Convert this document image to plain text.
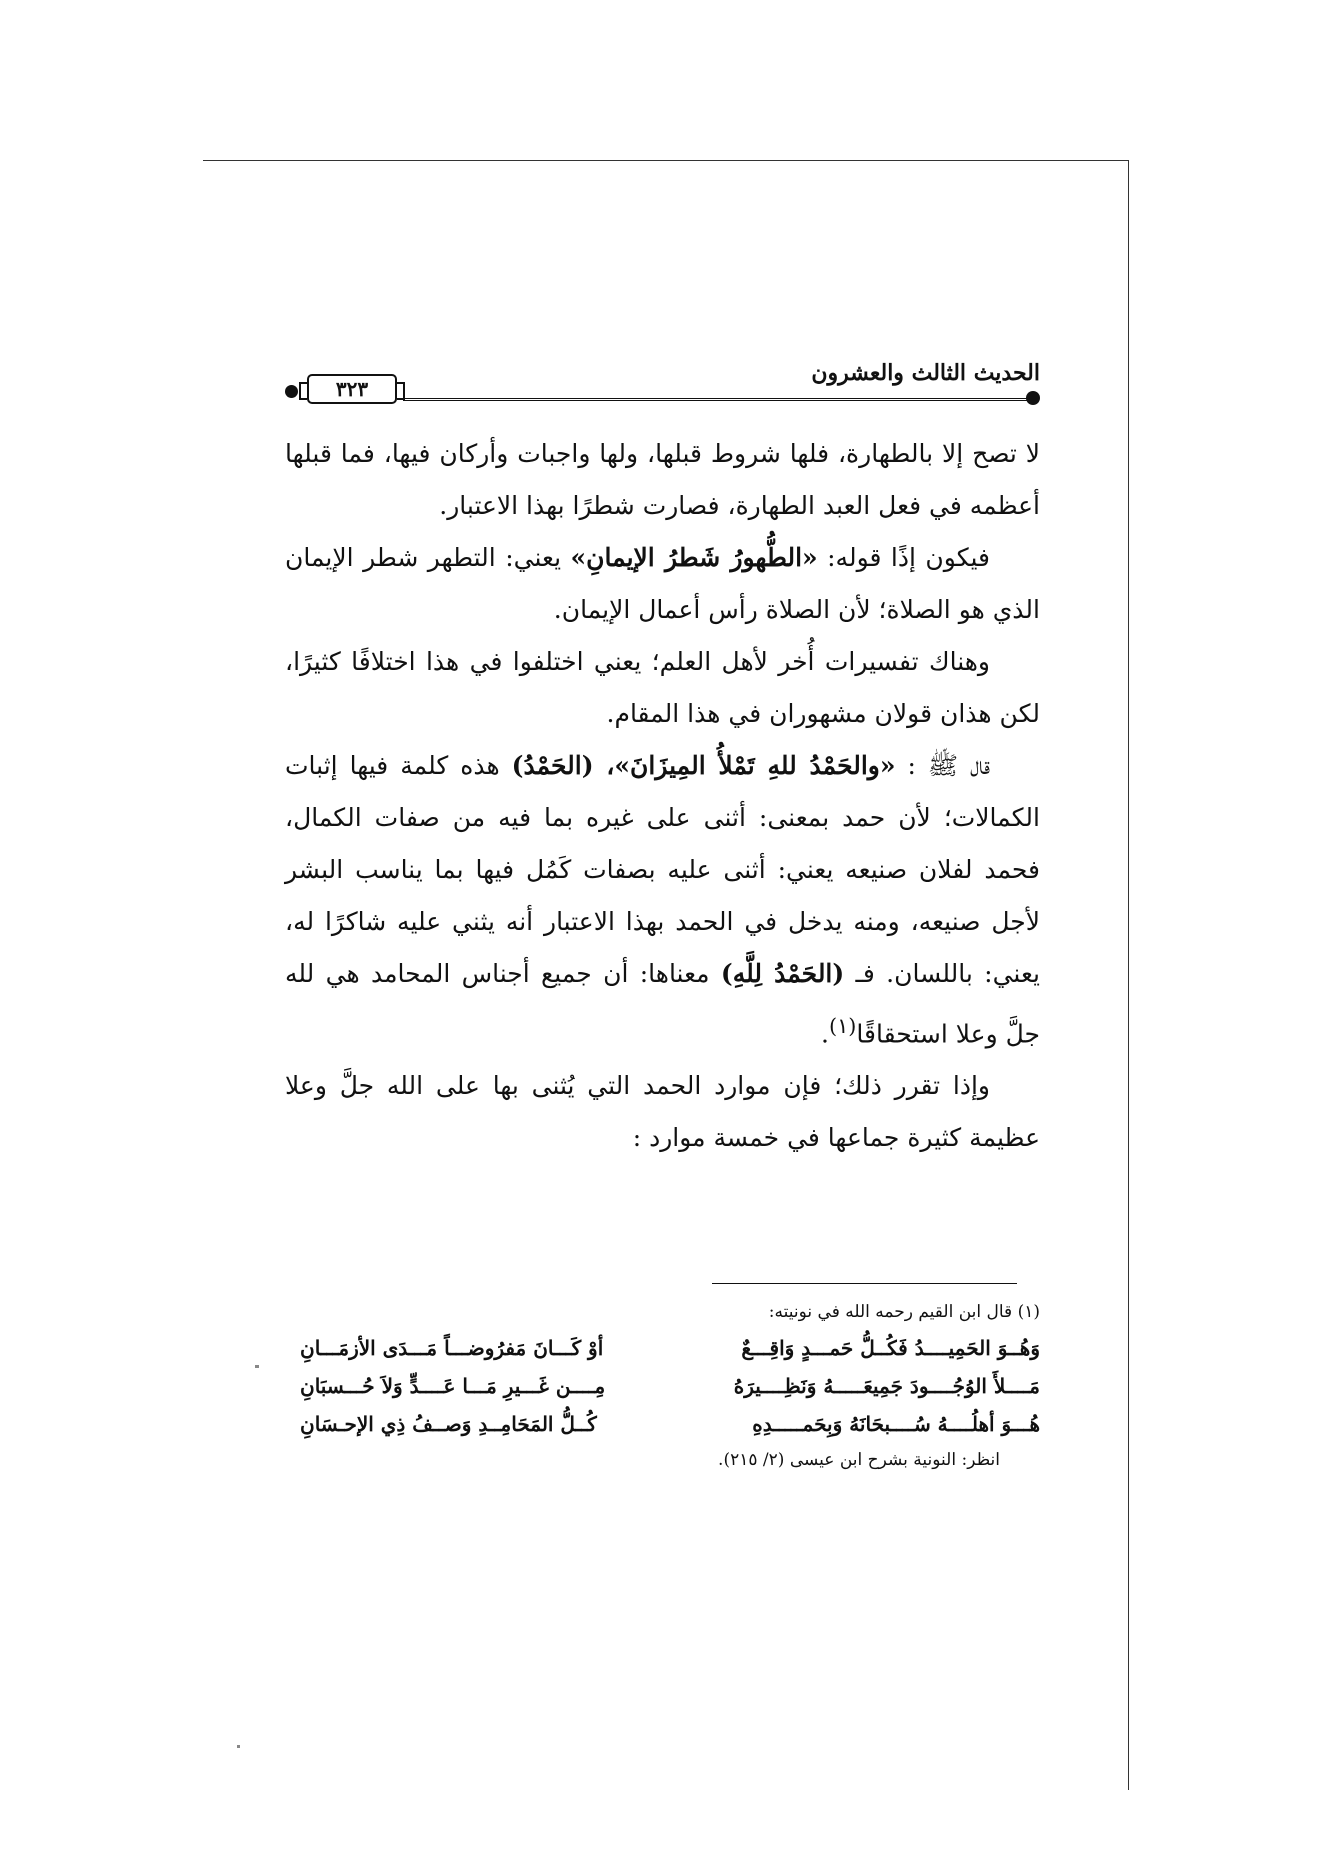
٣٢٣
الحديث الثالث والعشرون

لا تصح إلا بالطهارة، فلها شروط قبلها، ولها واجبات وأركان فيها، فما قبلها أعظمه في فعل العبد الطهارة، فصارت شطرًا بهذا الاعتبار.

فيكون إذًا قوله: «الطُّهورُ شَطرُ الإيمانِ» يعني: التطهر شطر الإيمان الذي هو الصلاة؛ لأن الصلاة رأس أعمال الإيمان.

وهناك تفسيرات أُخر لأهل العلم؛ يعني اختلفوا في هذا اختلافًا كثيرًا، لكن هذان قولان مشهوران في هذا المقام.

قال ﷺ : «والحَمْدُ للهِ تَمْلأُ المِيزَانَ»، (الحَمْدُ) هذه كلمة فيها إثبات الكمالات؛ لأن حمد بمعنى: أثنى على غيره بما فيه من صفات الكمال، فحمد لفلان صنيعه يعني: أثنى عليه بصفات كَمُل فيها بما يناسب البشر لأجل صنيعه، ومنه يدخل في الحمد بهذا الاعتبار أنه يثني عليه شاكرًا له، يعني: باللسان. فـ (الحَمْدُ لِلَّهِ) معناها: أن جميع أجناس المحامد هي لله جلَّ وعلا استحقاقًا$^{(١)}$.

وإذا تقرر ذلك؛ فإن موارد الحمد التي يُثنى بها على الله جلَّ وعلا عظيمة كثيرة جماعها في خمسة موارد :

(١) قال ابن القيم رحمه الله في نونيته:
وَهُــوَ الحَمِيــــدُ فَكُــلُّ حَمـــدٍ وَاقِـــعٌ
أوْ كَـــانَ مَفرُوضـــاً مَـــدَى الأزمَـــانِ
مَــــلأَ الوُجُــــودَ جَمِيعَـــــهُ وَنَظِــــيرَهُ
مِــــن غَـــيرِ مَـــا عَــــدٍّ وَلاَ حُـــسبَانِ
هُـــوَ أهلُــــهُ سُــــبحَانَهُ وَبِحَمـــــدِهِ
كُــلُّ المَحَامِــدِ وَصــفُ ذِي الإحـسَانِ
انظر: النونية بشرح ابن عيسى (٢/ ٢١٥).
